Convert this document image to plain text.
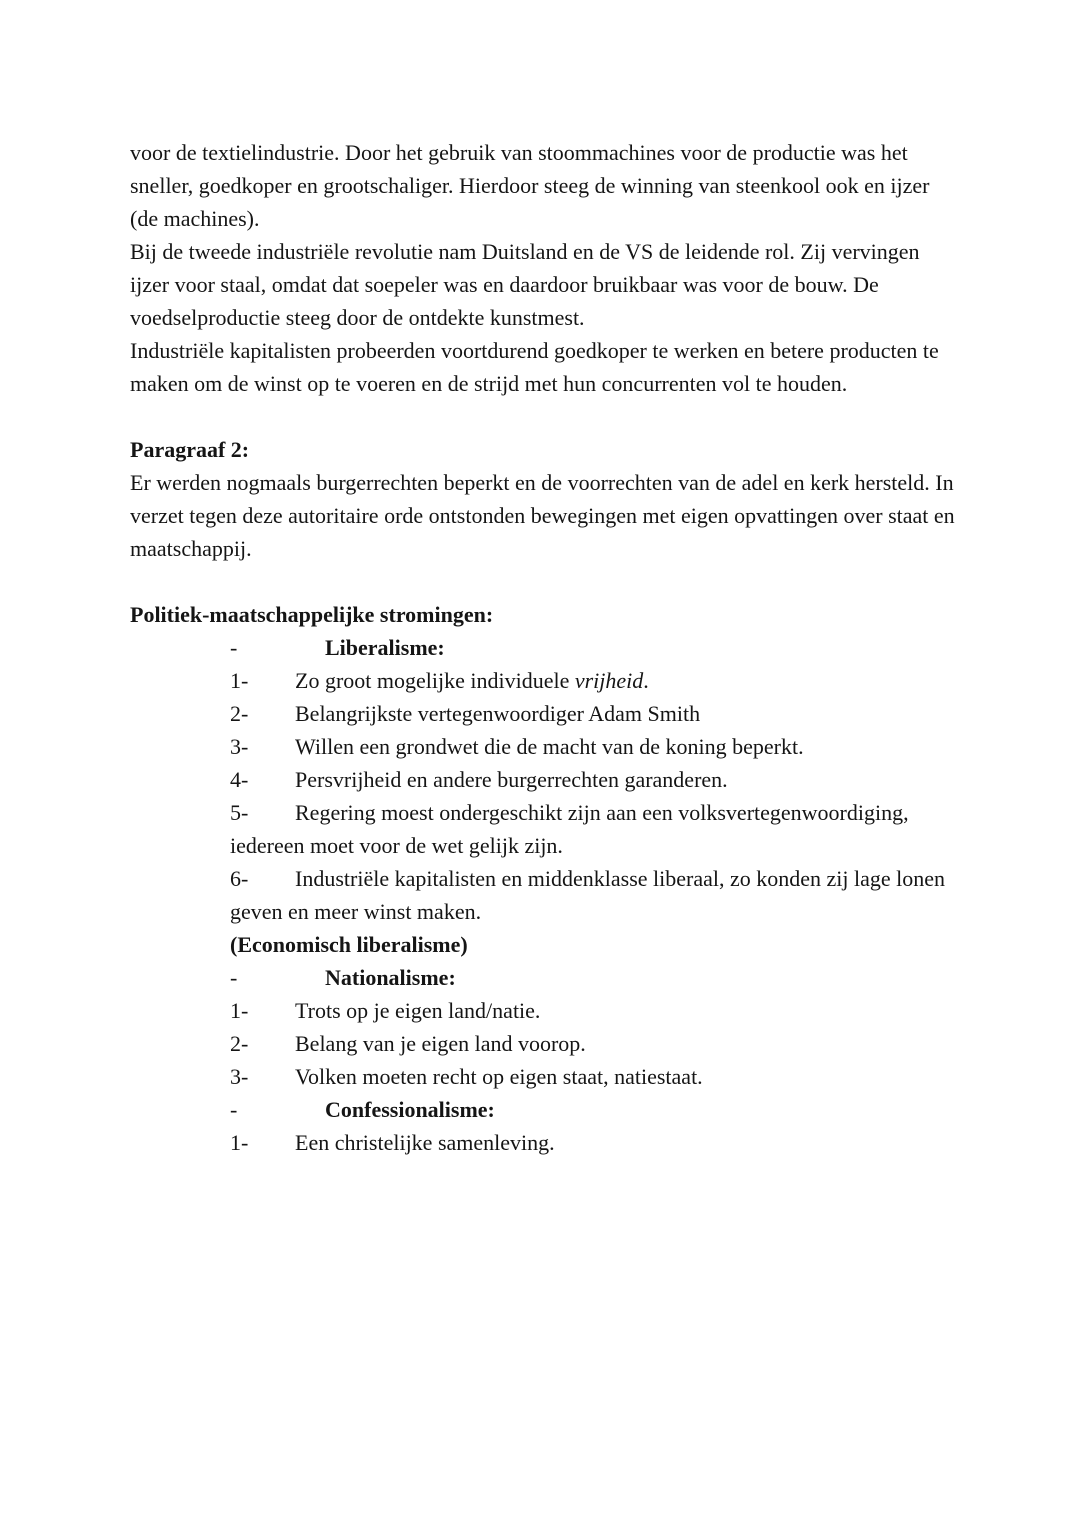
voor de textielindustrie. Door het gebruik van stoommachines voor de productie was het sneller, goedkoper en grootschaliger. Hierdoor steeg de winning van steenkool ook en ijzer (de machines).

Bij de tweede industriële revolutie nam Duitsland en de VS de leidende rol. Zij vervingen ijzer voor staal, omdat dat soepeler was en daardoor bruikbaar was voor de bouw. De voedselproductie steeg door de ontdekte kunstmest.

Industriële kapitalisten probeerden voortdurend goedkoper te werken en betere producten te maken om de winst op te voeren en de strijd met hun concurrenten vol te houden.

Paragraaf 2:

Er werden nogmaals burgerrechten beperkt en de voorrechten van de adel en kerk hersteld. In verzet tegen deze autoritaire orde ontstonden bewegingen met eigen opvattingen over staat en maatschappij.

Politiek-maatschappelijke stromingen:

-	Liberalisme:
1- Zo groot mogelijke individuele vrijheid.
2- Belangrijkste vertegenwoordiger Adam Smith
3- Willen een grondwet die de macht van de koning beperkt.
4- Persvrijheid en andere burgerrechten garanderen.
5- Regering moest ondergeschikt zijn aan een volksvertegenwoordiging, iedereen moet voor de wet gelijk zijn.
6- Industriële kapitalisten en middenklasse liberaal, zo konden zij lage lonen geven en meer winst maken.
(Economisch liberalisme)
-	Nationalisme:
1- Trots op je eigen land/natie.
2- Belang van je eigen land voorop.
3- Volken moeten recht op eigen staat, natiestaat.
-	Confessionalisme:
1- Een christelijke samenleving.
